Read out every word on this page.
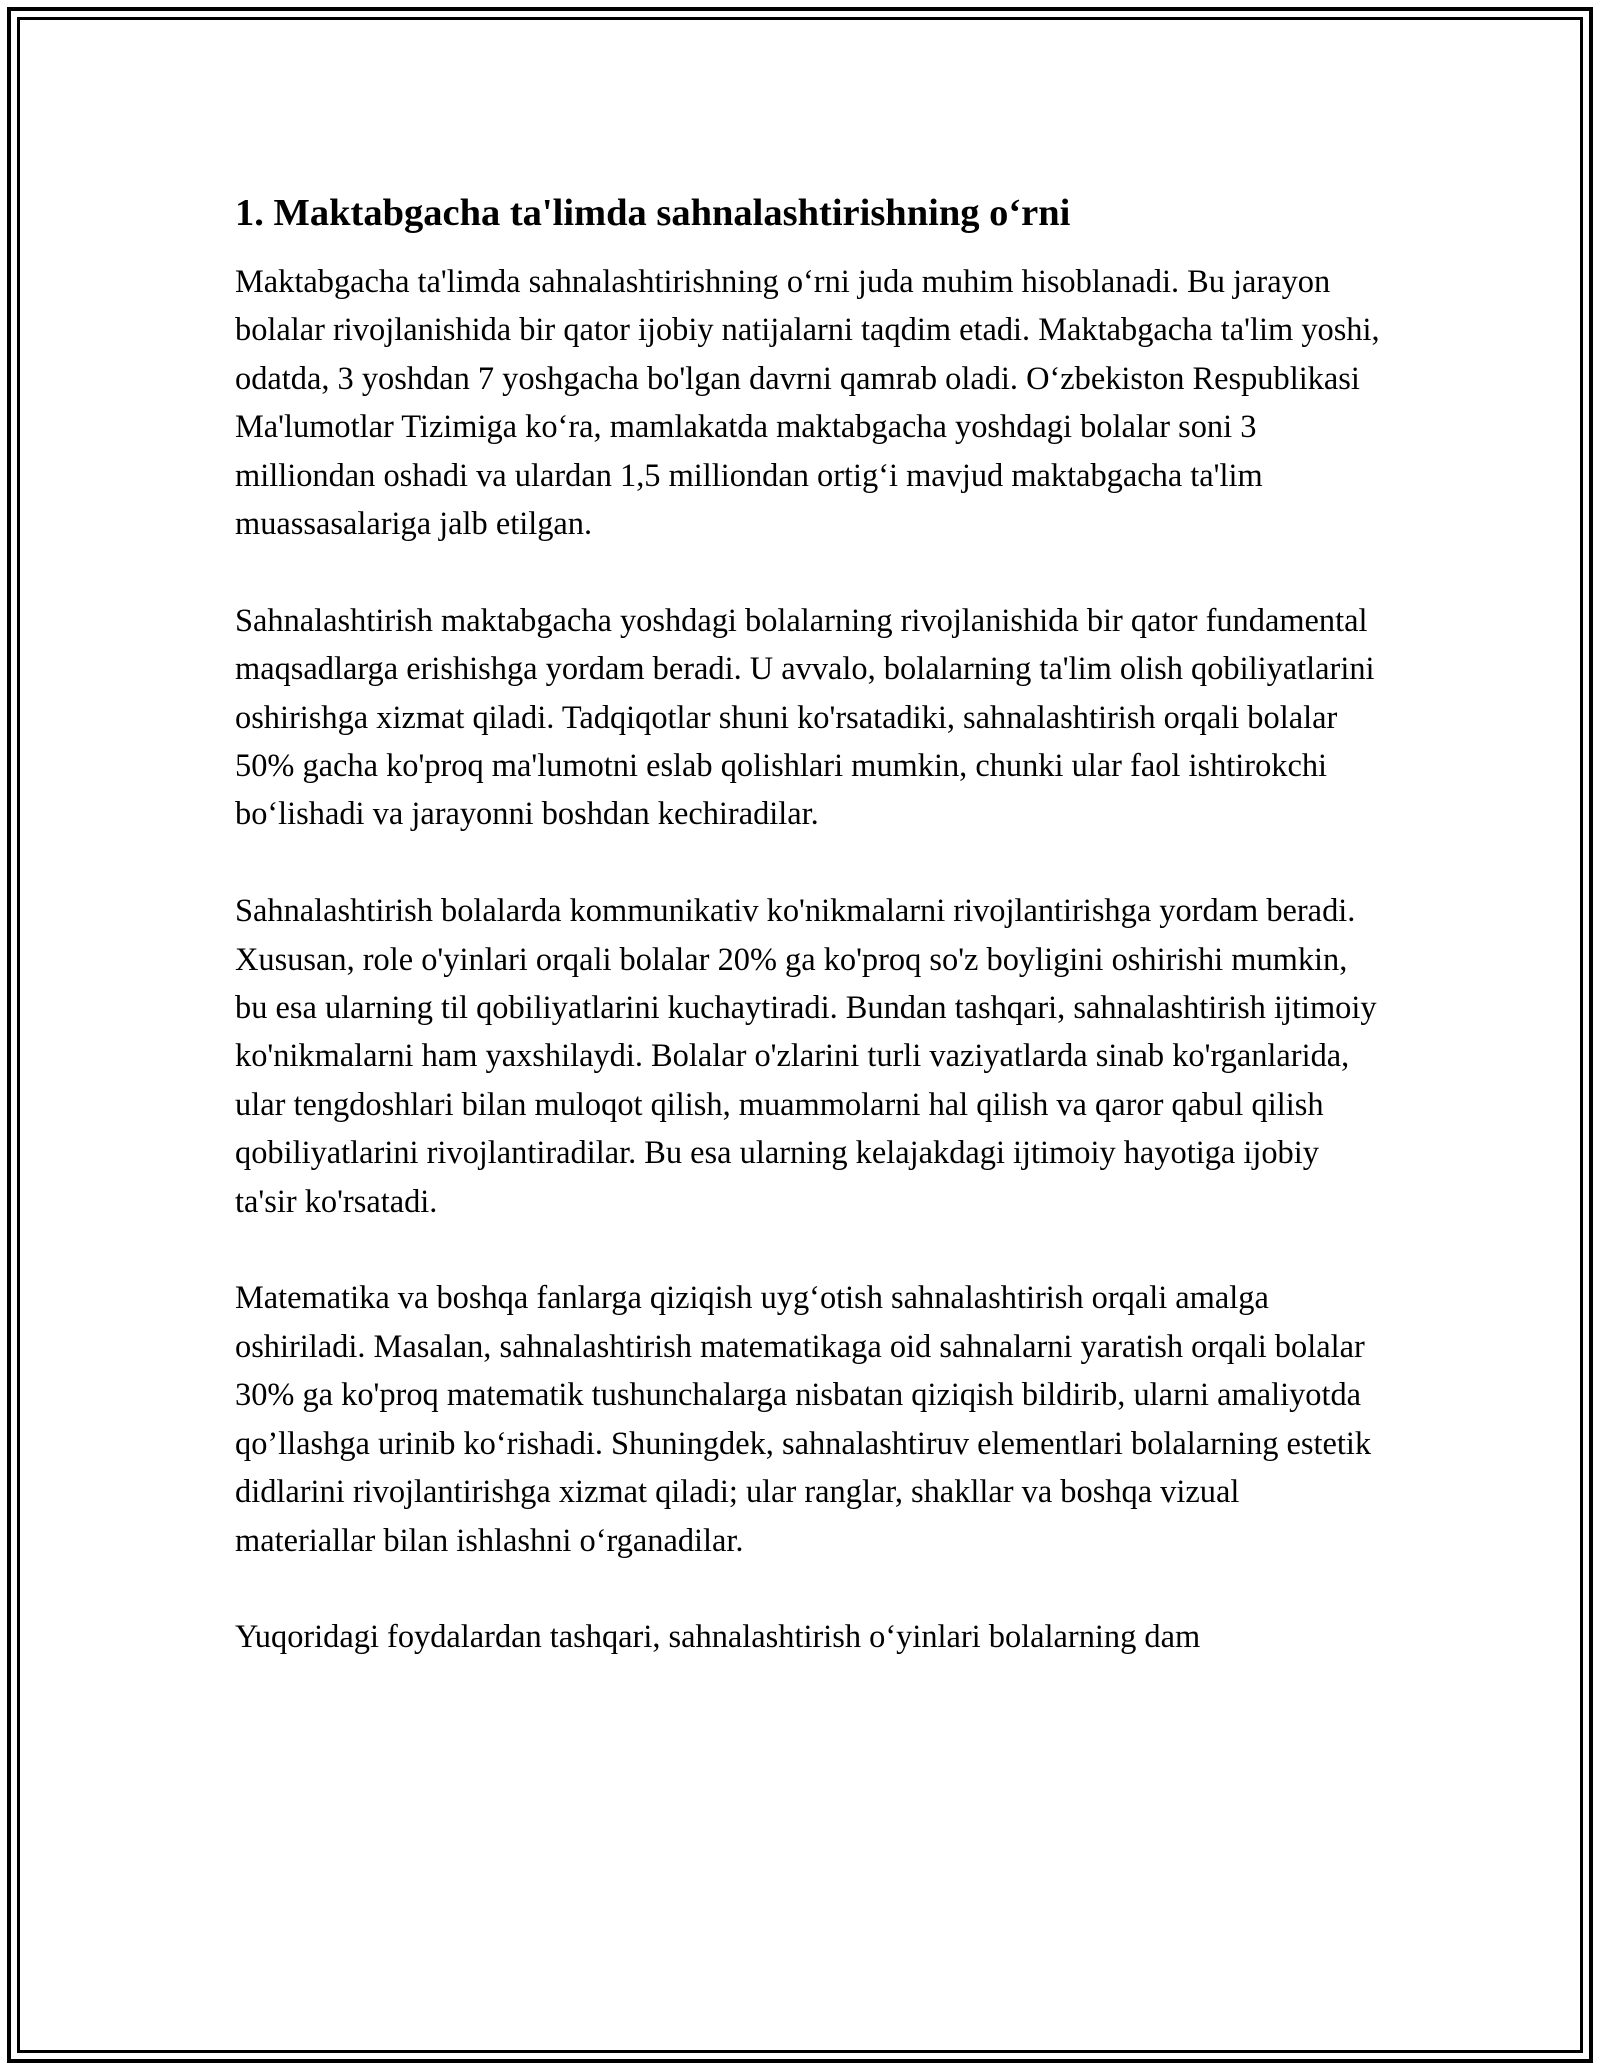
1. Maktabgacha ta'limda sahnalashtirishning o‘rni

Maktabgacha ta'limda sahnalashtirishning o‘rni juda muhim hisoblanadi. Bu jarayon bolalar rivojlanishida bir qator ijobiy natijalarni taqdim etadi. Maktabgacha ta'lim yoshi, odatda, 3 yoshdan 7 yoshgacha bo'lgan davrni qamrab oladi. O‘zbekiston Respublikasi Ma'lumotlar Tizimiga ko‘ra, mamlakatda maktabgacha yoshdagi bolalar soni 3 milliondan oshadi va ulardan 1,5 milliondan ortig‘i mavjud maktabgacha ta'lim muassasalariga jalb etilgan.

Sahnalashtirish maktabgacha yoshdagi bolalarning rivojlanishida bir qator fundamental maqsadlarga erishishga yordam beradi. U avvalo, bolalarning ta'lim olish qobiliyatlarini oshirishga xizmat qiladi. Tadqiqotlar shuni ko'rsatadiki, sahnalashtirish orqali bolalar 50% gacha ko'proq ma'lumotni eslab qolishlari mumkin, chunki ular faol ishtirokchi bo‘lishadi va jarayonni boshdan kechiradilar.

Sahnalashtirish bolalarda kommunikativ ko'nikmalarni rivojlantirishga yordam beradi. Xususan, role o'yinlari orqali bolalar 20% ga ko'proq so'z boyligini oshirishi mumkin, bu esa ularning til qobiliyatlarini kuchaytiradi. Bundan tashqari, sahnalashtirish ijtimoiy ko'nikmalarni ham yaxshilaydi. Bolalar o'zlarini turli vaziyatlarda sinab ko'rganlarida, ular tengdoshlari bilan muloqot qilish, muammolarni hal qilish va qaror qabul qilish qobiliyatlarini rivojlantiradilar. Bu esa ularning kelajakdagi ijtimoiy hayotiga ijobiy ta'sir ko'rsatadi.

Matematika va boshqa fanlarga qiziqish uyg‘otish sahnalashtirish orqali amalga oshiriladi. Masalan, sahnalashtirish matematikaga oid sahnalarni yaratish orqali bolalar 30% ga ko'proq matematik tushunchalarga nisbatan qiziqish bildirib, ularni amaliyotda qo’llashga urinib ko‘rishadi. Shuningdek, sahnalashtiruv elementlari bolalarning estetik didlarini rivojlantirishga xizmat qiladi; ular ranglar, shakllar va boshqa vizual materiallar bilan ishlashni o‘rganadilar.

Yuqoridagi foydalardan tashqari, sahnalashtirish o‘yinlari bolalarning dam
